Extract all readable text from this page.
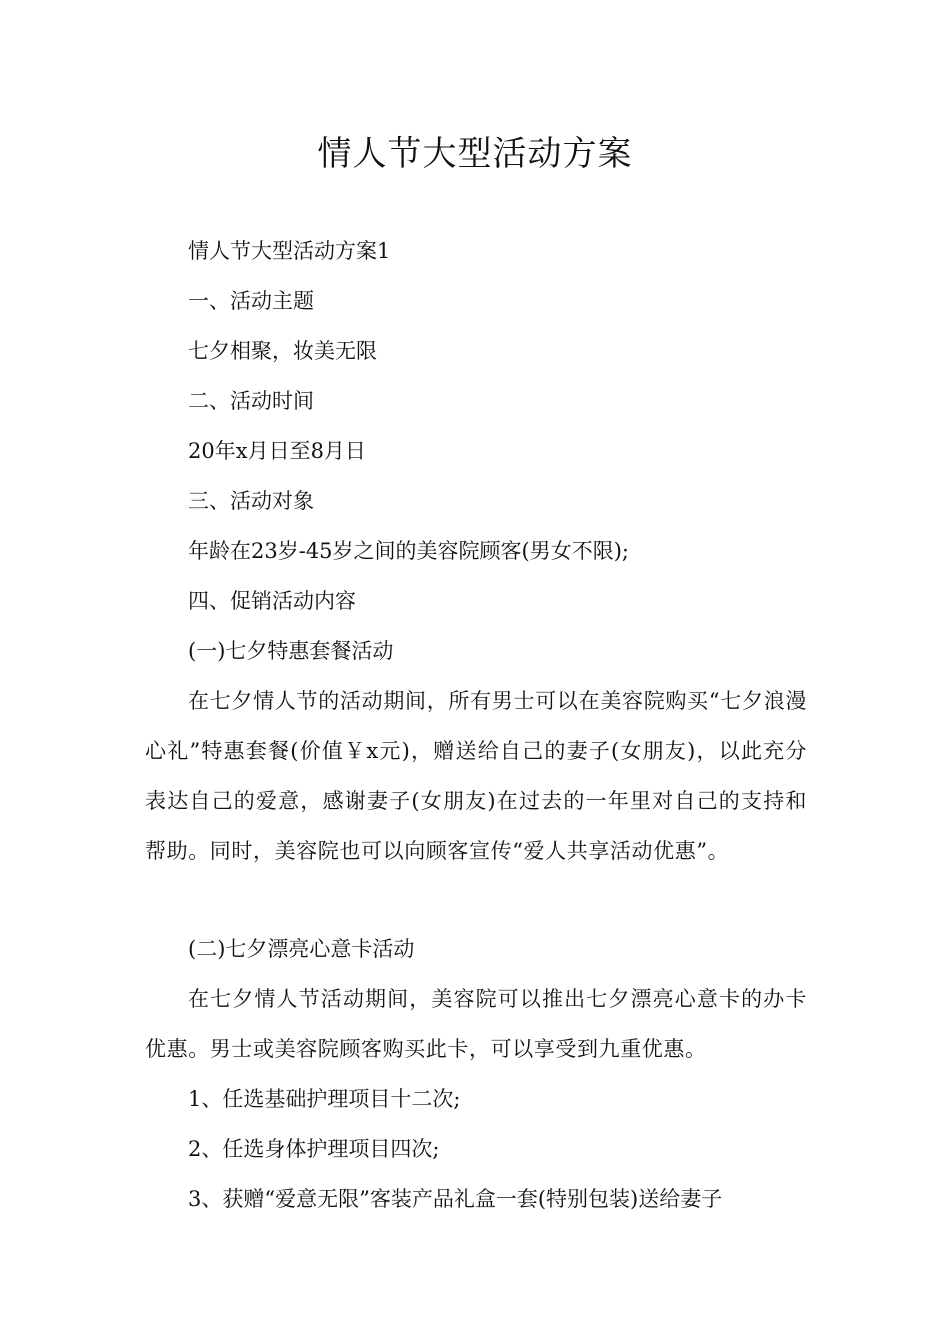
情人节大型活动方案
情人节大型活动方案1
一、活动主题
七夕相聚，妆美无限
二、活动时间
20年x月日至8月日
三、活动对象
年龄在23岁-45岁之间的美容院顾客(男女不限);
四、促销活动内容
(一)七夕特惠套餐活动

在七夕情人节的活动期间，所有男士可以在美容院购买“七夕浪漫心礼”特惠套餐(价值￥x元)，赠送给自己的妻子(女朋友)，以此充分表达自己的爱意，感谢妻子(女朋友)在过去的一年里对自己的支持和帮助。同时，美容院也可以向顾客宣传“爱人共享活动优惠”。

(二)七夕漂亮心意卡活动

在七夕情人节活动期间，美容院可以推出七夕漂亮心意卡的办卡优惠。男士或美容院顾客购买此卡，可以享受到九重优惠。

1、任选基础护理项目十二次;
2、任选身体护理项目四次;
3、获赠“爱意无限”客装产品礼盒一套(特别包装)送给妻子
